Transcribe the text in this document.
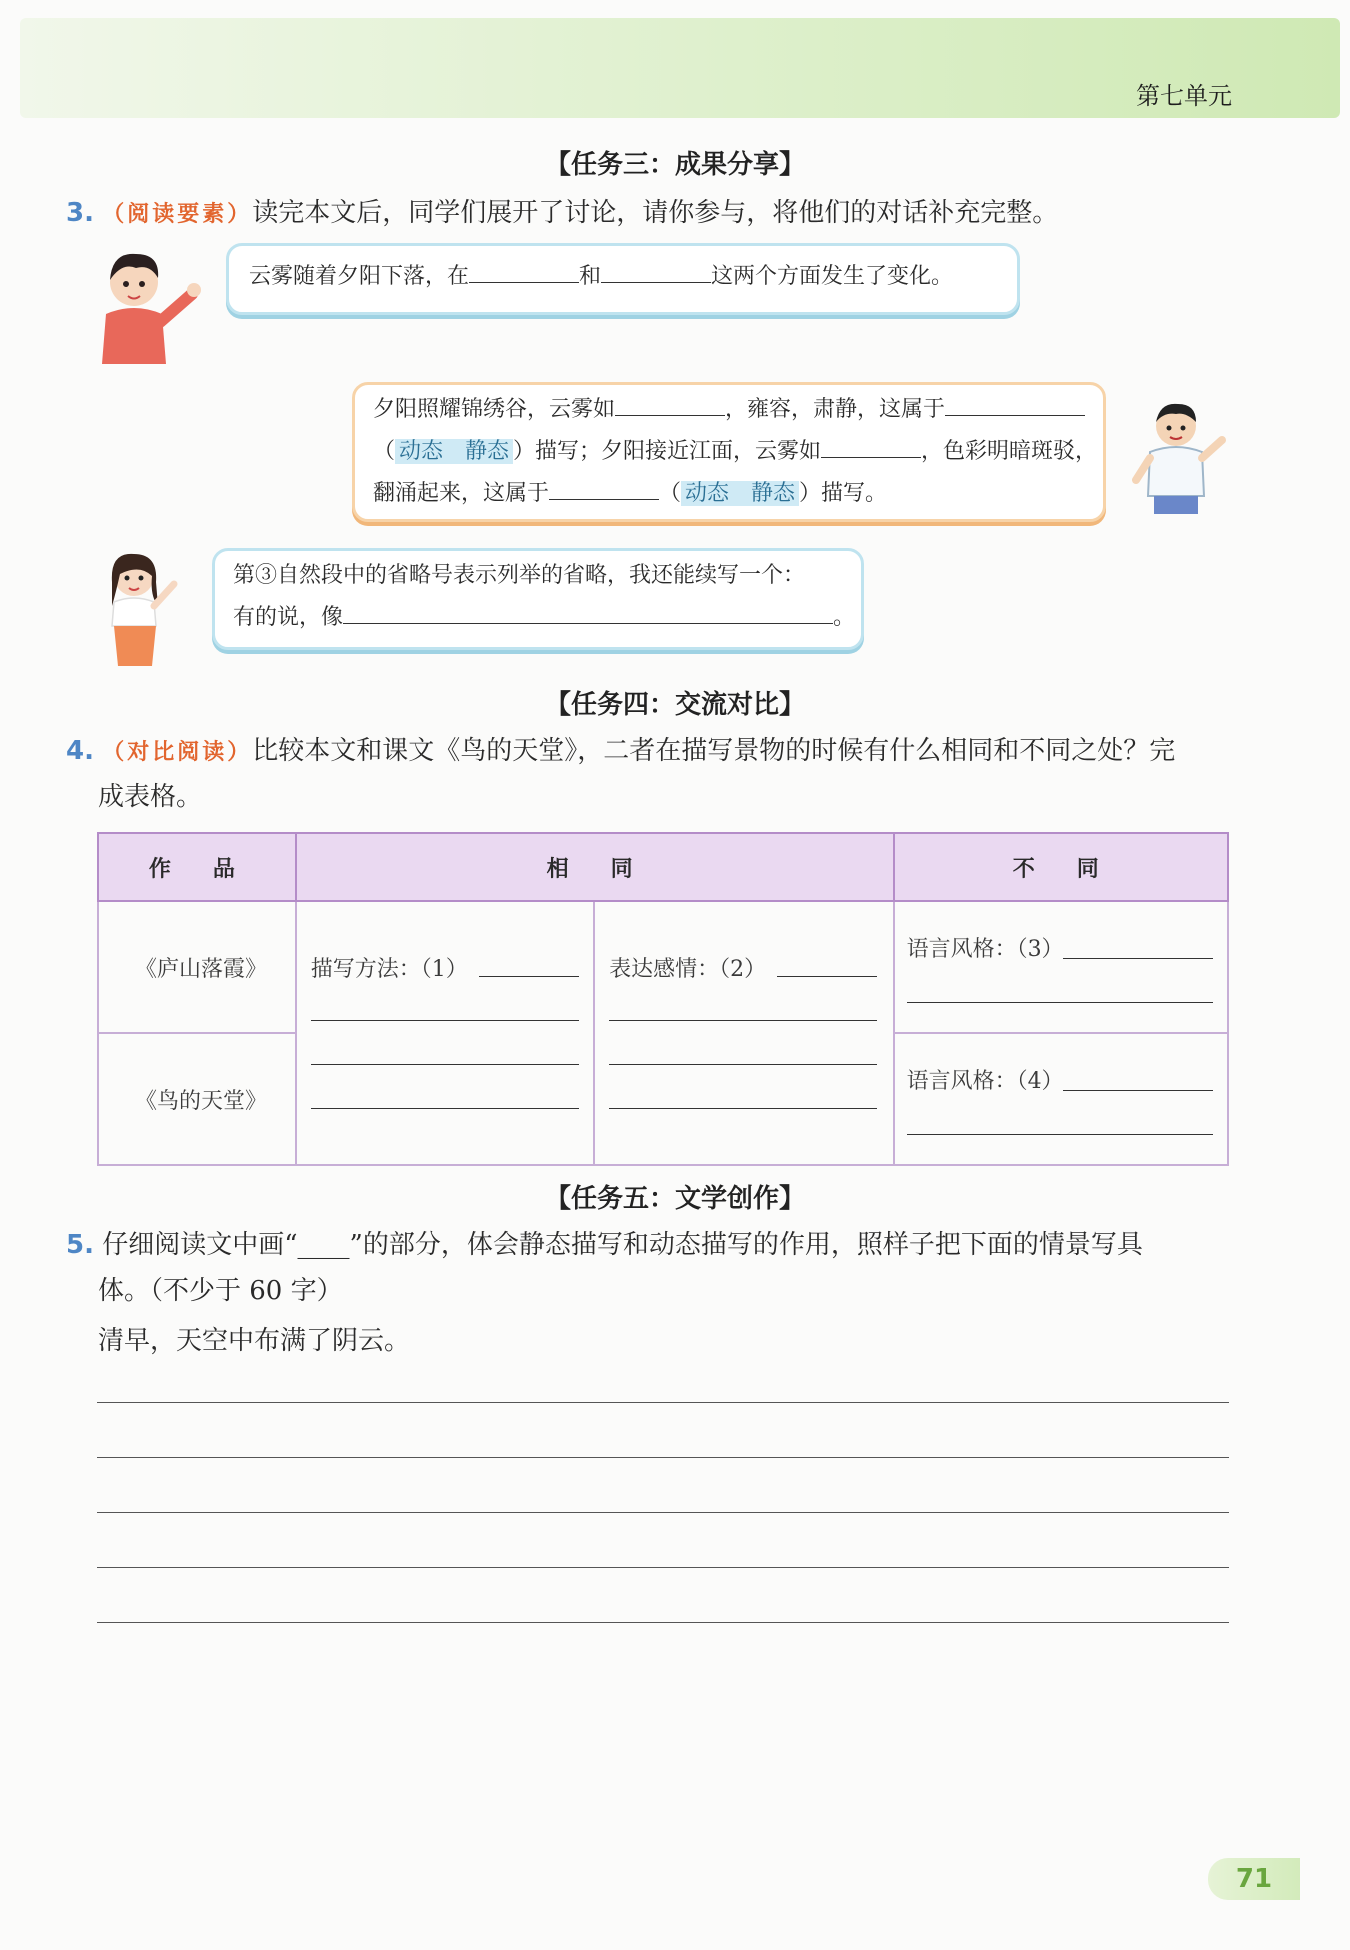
第七单元
【任务三：成果分享】
3. （阅读要素）读完本文后，同学们展开了讨论，请你参与，将他们的对话补充完整。
云雾随着夕阳下落，在	和	这两个方面发生了变化。
夕阳照耀锦绣谷，云雾如	，雍容，肃静，这属于
（ 动态　静态 ）描写；夕阳接近江面，云雾如	，色彩明暗斑驳，
翻涌起来，这属于	（ 动态　静态 ）描写。
第③自然段中的省略号表示列举的省略，我还能续写一个：
有的说，像	。
【任务四：交流对比】
4. （对比阅读）比较本文和课文《鸟的天堂》，二者在描写景物的时候有什么相同和不同之处？完
成表格。
作　品	相　同		不　同

《庐山落霞》	描写方法：（1）	表达感情：（2）	语言风格：（3）

《鸟的天堂》			语言风格：（4）
【任务五：文学创作】
5. 仔细阅读文中画“____”的部分，体会静态描写和动态描写的作用，照样子把下面的情景写具
体。（不少于 60 字）
清早，天空中布满了阴云。
71
